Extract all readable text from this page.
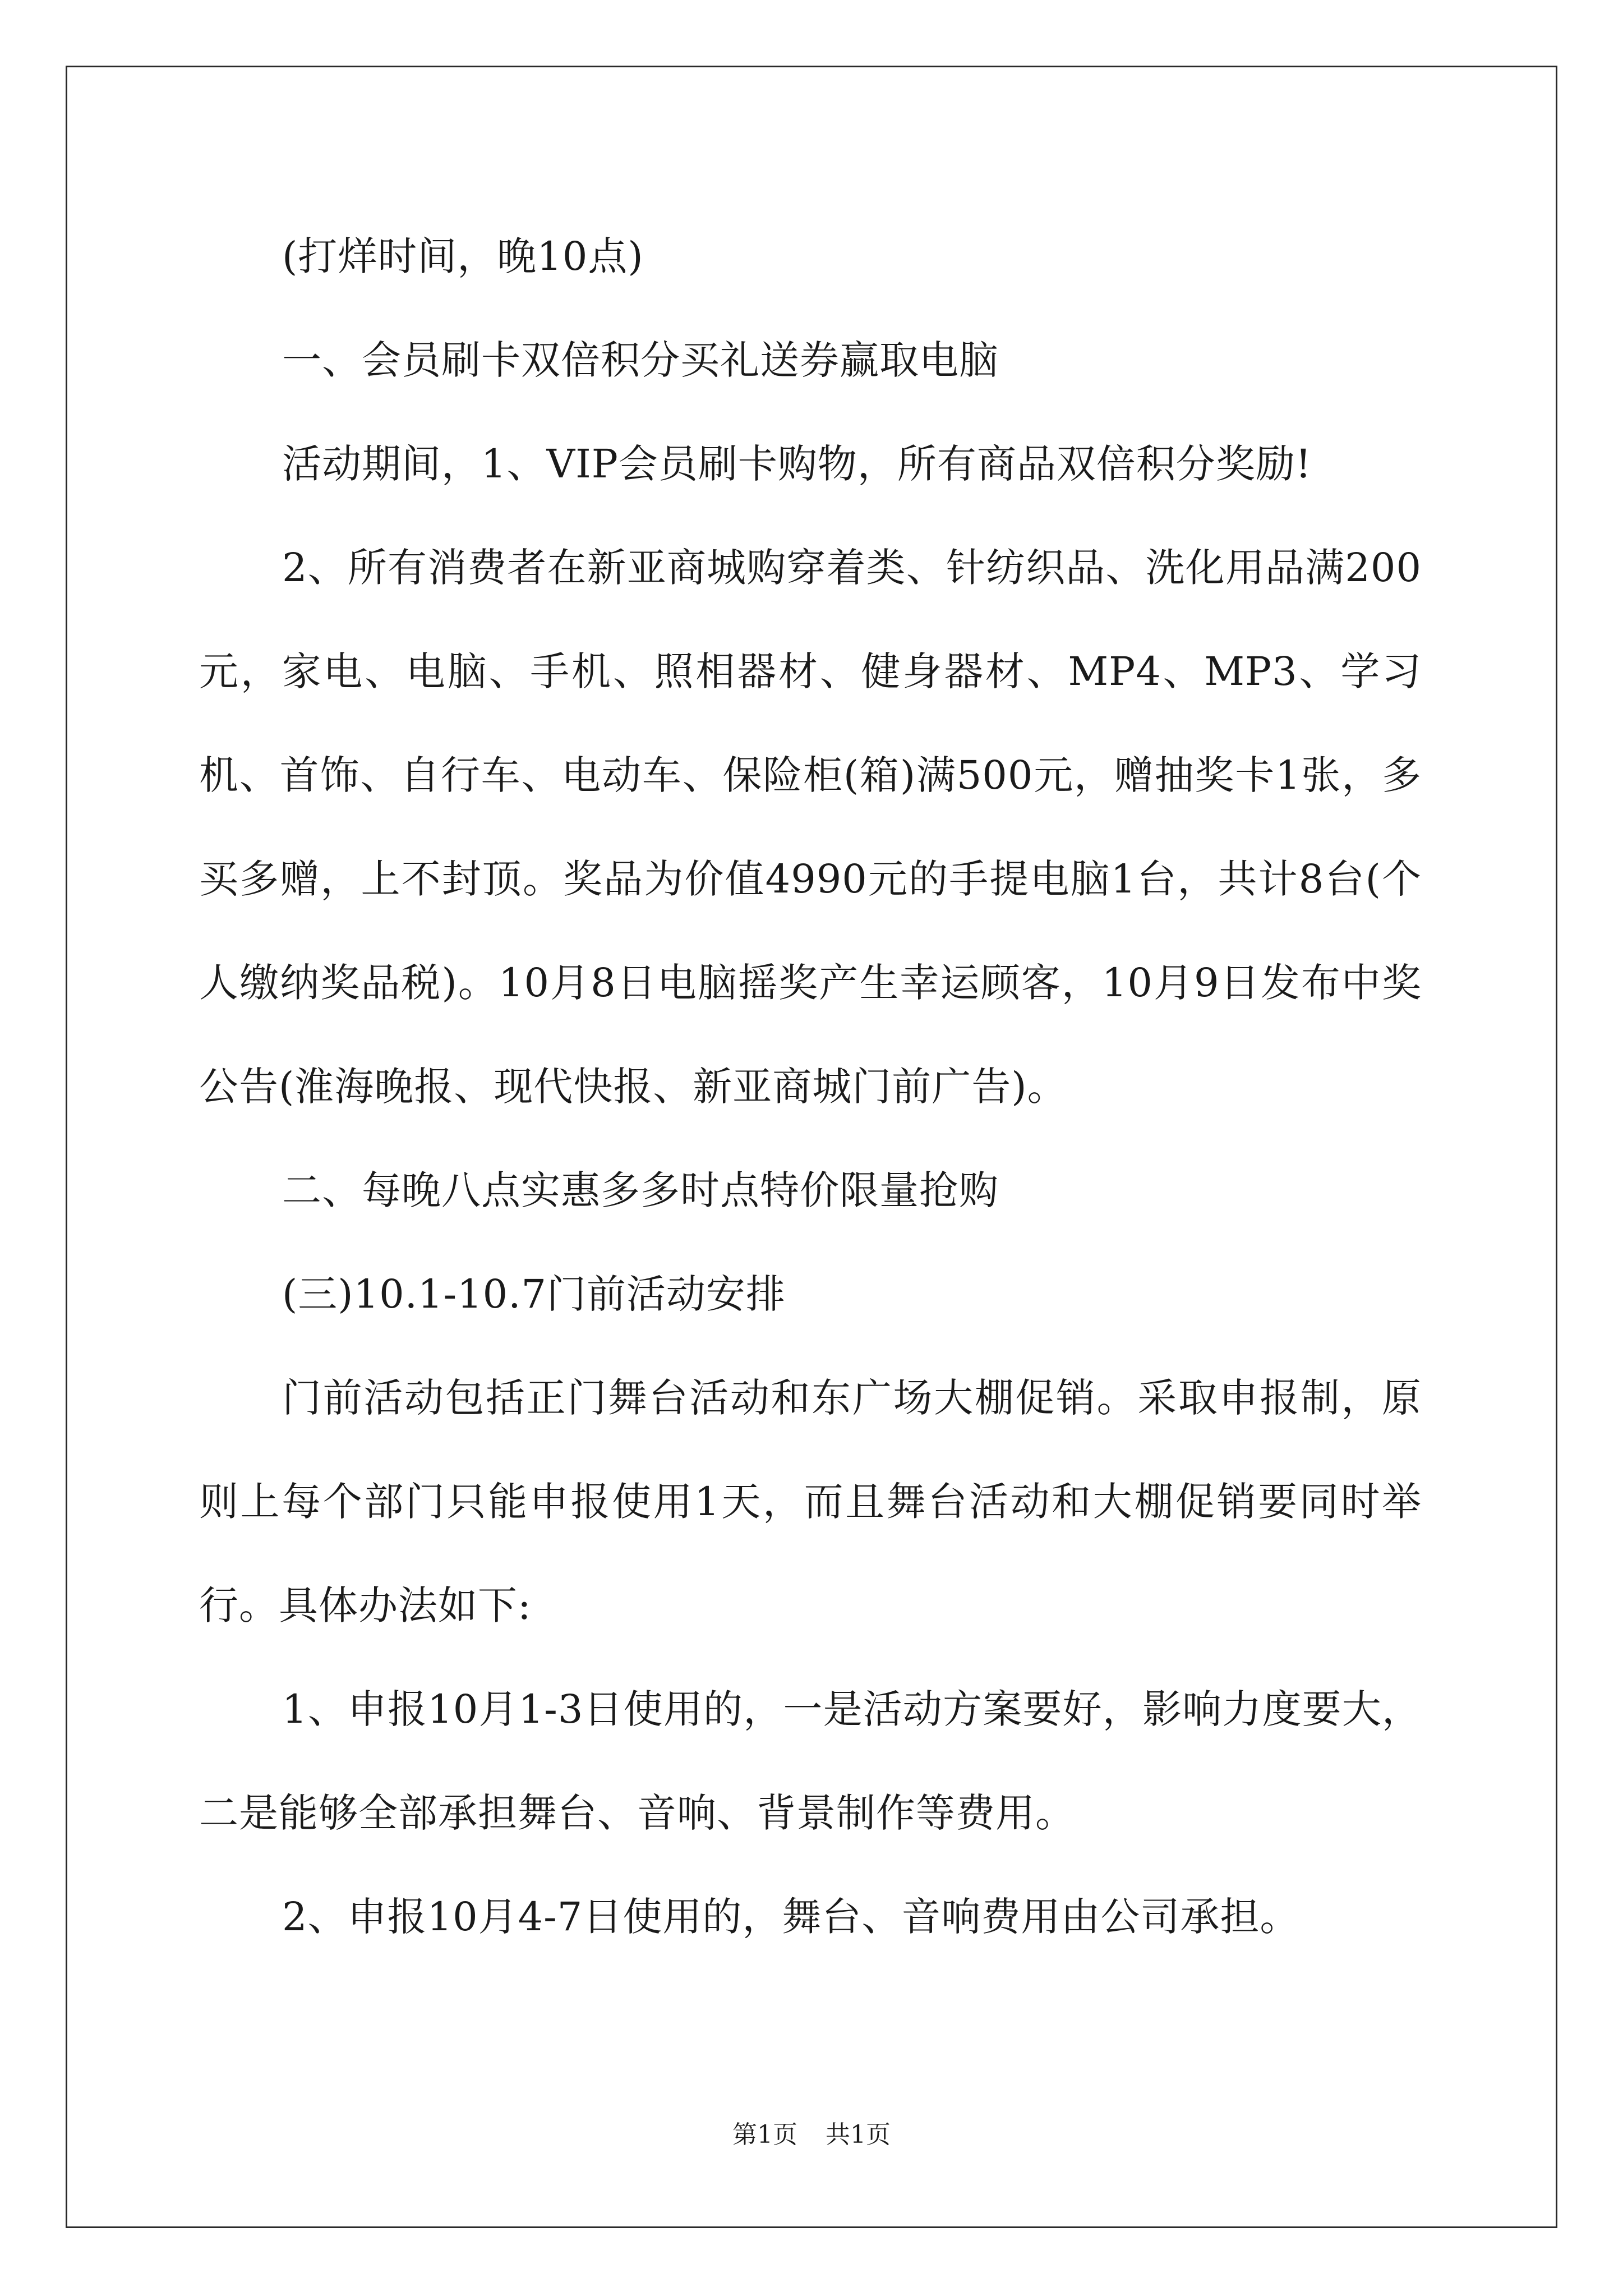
(打烊时间，晚10点)

一、会员刷卡双倍积分买礼送券赢取电脑

活动期间，1、VIP会员刷卡购物，所有商品双倍积分奖励!

2、所有消费者在新亚商城购穿着类、针纺织品、洗化用品满200元，家电、电脑、手机、照相器材、健身器材、MP4、MP3、学习机、首饰、自行车、电动车、保险柜(箱)满500元，赠抽奖卡1张，多买多赠，上不封顶。奖品为价值4990元的手提电脑1台，共计8台(个人缴纳奖品税)。10月8日电脑摇奖产生幸运顾客，10月9日发布中奖公告(淮海晚报、现代快报、新亚商城门前广告)。

二、每晚八点实惠多多时点特价限量抢购

(三)10.1-10.7门前活动安排

门前活动包括正门舞台活动和东广场大棚促销。采取申报制，原则上每个部门只能申报使用1天，而且舞台活动和大棚促销要同时举行。具体办法如下:

1、申报10月1-3日使用的，一是活动方案要好，影响力度要大，二是能够全部承担舞台、音响、背景制作等费用。

2、申报10月4-7日使用的，舞台、音响费用由公司承担。

第1页 共1页
